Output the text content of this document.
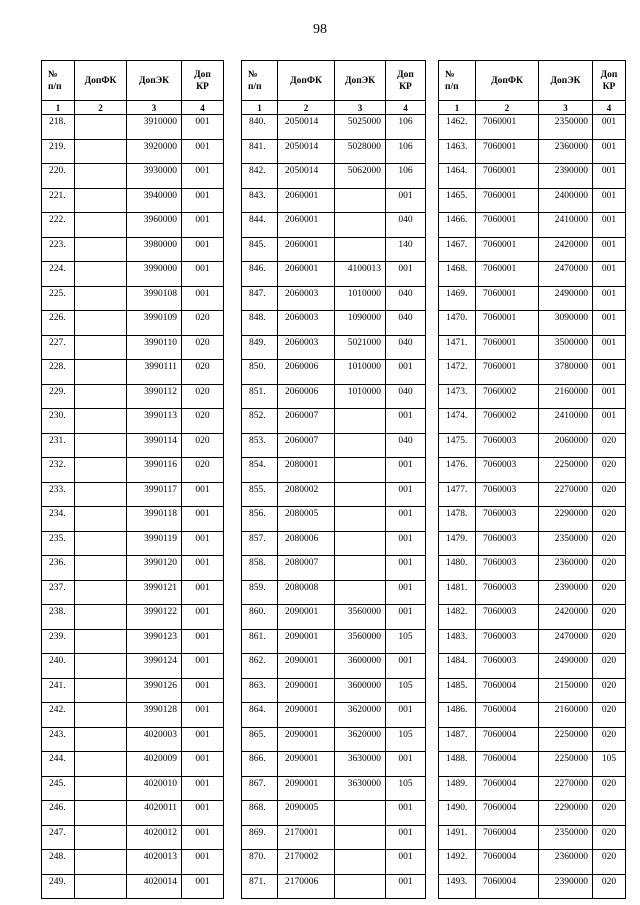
98
№
п/п	ДопФК	ДопЭК	Доп
КР
1	2	3	4
218.		3910000	001
219.		3920000	001
220.		3930000	001
221.		3940000	001
222.		3960000	001
223.		3980000	001
224.		3990000	001
225.		3990108	001
226.		3990109	020
227.		3990110	020
228.		3990111	020
229.		3990112	020
230.		3990113	020
231.		3990114	020
232.		3990116	020
233.		3990117	001
234.		3990118	001
235.		3990119	001
236.		3990120	001
237.		3990121	001
238.		3990122	001
239.		3990123	001
240.		3990124	001
241.		3990126	001
242.		3990128	001
243.		4020003	001
244.		4020009	001
245.		4020010	001
246.		4020011	001
247.		4020012	001
248.		4020013	001
249.		4020014	001
№
п/п	ДопФК	ДопЭК	Доп
КР
1	2	3	4
840.	2050014	5025000	106
841.	2050014	5028000	106
842.	2050014	5062000	106
843.	2060001		001
844.	2060001		040
845.	2060001		140
846.	2060001	4100013	001
847.	2060003	1010000	040
848.	2060003	1090000	040
849.	2060003	5021000	040
850.	2060006	1010000	001
851.	2060006	1010000	040
852.	2060007		001
853.	2060007		040
854.	2080001		001
855.	2080002		001
856.	2080005		001
857.	2080006		001
858.	2080007		001
859.	2080008		001
860.	2090001	3560000	001
861.	2090001	3560000	105
862.	2090001	3600000	001
863.	2090001	3600000	105
864.	2090001	3620000	001
865.	2090001	3620000	105
866.	2090001	3630000	001
867.	2090001	3630000	105
868.	2090005		001
869.	2170001		001
870.	2170002		001
871.	2170006		001
№
п/п	ДопФК	ДопЭК	Доп
КР
1	2	3	4
1462.	7060001	2350000	001
1463.	7060001	2360000	001
1464.	7060001	2390000	001
1465.	7060001	2400000	001
1466.	7060001	2410000	001
1467.	7060001	2420000	001
1468.	7060001	2470000	001
1469.	7060001	2490000	001
1470.	7060001	3090000	001
1471.	7060001	3500000	001
1472.	7060001	3780000	001
1473.	7060002	2160000	001
1474.	7060002	2410000	001
1475.	7060003	2060000	020
1476.	7060003	2250000	020
1477.	7060003	2270000	020
1478.	7060003	2290000	020
1479.	7060003	2350000	020
1480.	7060003	2360000	020
1481.	7060003	2390000	020
1482.	7060003	2420000	020
1483.	7060003	2470000	020
1484.	7060003	2490000	020
1485.	7060004	2150000	020
1486.	7060004	2160000	020
1487.	7060004	2250000	020
1488.	7060004	2250000	105
1489.	7060004	2270000	020
1490.	7060004	2290000	020
1491.	7060004	2350000	020
1492.	7060004	2360000	020
1493.	7060004	2390000	020
